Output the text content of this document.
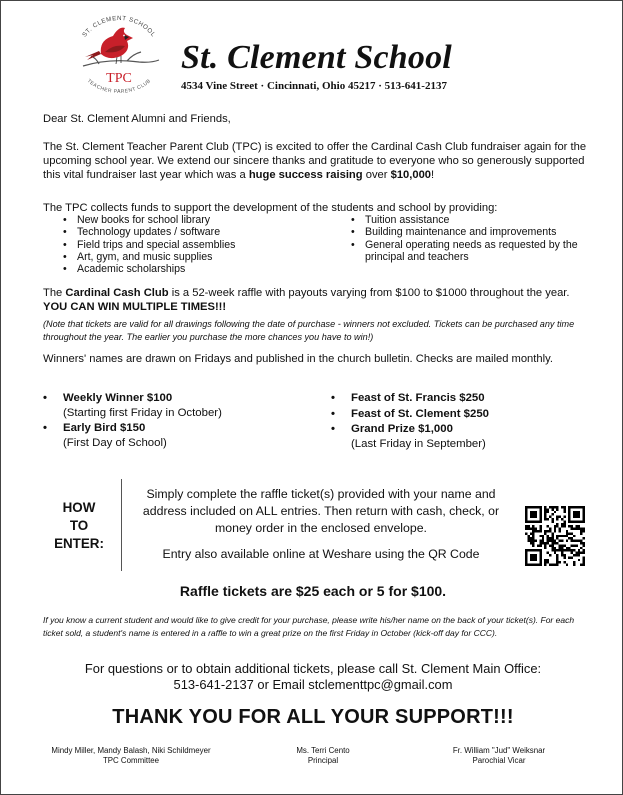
ST. CLEMENT SCHOOL
TPC
TEACHER PARENT CLUB
St. Clement School
4534 Vine Street · Cincinnati, Ohio 45217 · 513-641-2137
Dear St. Clement Alumni and Friends,
The St. Clement Teacher Parent Club (TPC) is excited to offer the Cardinal Cash Club fundraiser again for the upcoming school year. We extend our sincere thanks and gratitude to everyone who so generously supported this vital fundraiser last year which was a huge success raising over $10,000!
The TPC collects funds to support the development of the students and school by providing:
• New books for school library
• Technology updates / software
• Field trips and special assemblies
• Art, gym, and music supplies
• Academic scholarships
• Tuition assistance
• Building maintenance and improvements
• General operating needs as requested by the principal and teachers
The Cardinal Cash Club is a 52-week raffle with payouts varying from $100 to $1000 throughout the year. YOU CAN WIN MULTIPLE TIMES!!!
(Note that tickets are valid for all drawings following the date of purchase - winners not excluded. Tickets can be purchased any time throughout the year. The earlier you purchase the more chances you have to win!)
Winners' names are drawn on Fridays and published in the church bulletin. Checks are mailed monthly.
• Weekly Winner $100
(Starting first Friday in October)
• Early Bird $150
(First Day of School)
• Feast of St. Francis $250
• Feast of St. Clement $250
• Grand Prize $1,000
(Last Friday in September)
HOW
TO
ENTER:
Simply complete the raffle ticket(s) provided with your name and address included on ALL entries. Then return with cash, check, or money order in the enclosed envelope.
Entry also available online at Weshare using the QR Code
Raffle tickets are $25 each or 5 for $100.
If you know a current student and would like to give credit for your purchase, please write his/her name on the back of your ticket(s). For each ticket sold, a student's name is entered in a raffle to win a great prize on the first Friday in October (kick-off day for CCC).
For questions or to obtain additional tickets, please call St. Clement Main Office:
513-641-2137 or Email stclementtpc@gmail.com
THANK YOU FOR ALL YOUR SUPPORT!!!
Mindy Miller, Mandy Balash, Niki Schildmeyer
TPC Committee
Ms. Terri Cento
Principal
Fr. William "Jud" Weiksnar
Parochial Vicar
